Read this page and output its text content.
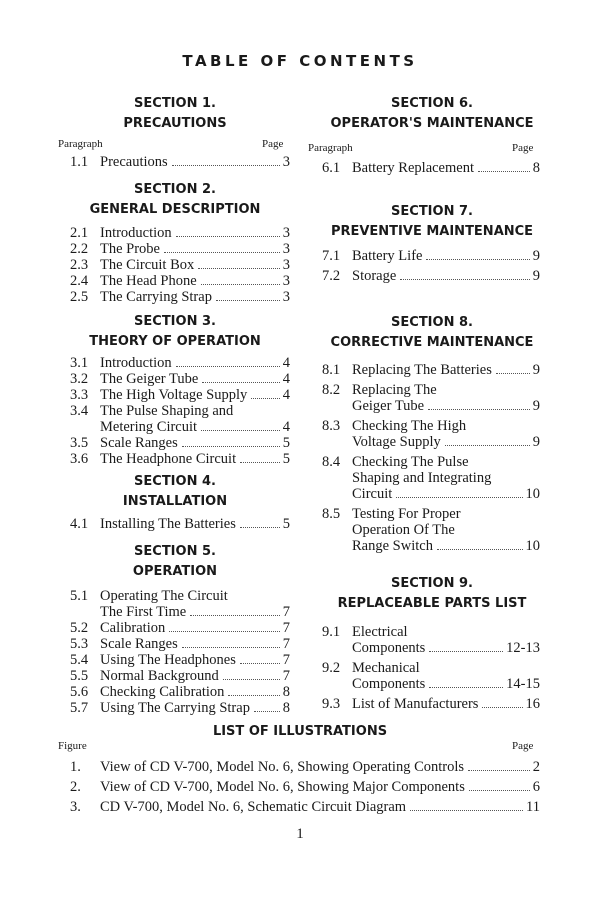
TABLE OF CONTENTS
SECTION 1.
PRECAUTIONS
1.1 Precautions	3
SECTION 2.
GENERAL DESCRIPTION
2.1 Introduction	3
2.2 The Probe	3
2.3 The Circuit Box	3
2.4 The Head Phone	3
2.5 The Carrying Strap	3
SECTION 3.
THEORY OF OPERATION
3.1 Introduction	4
3.2 The Geiger Tube	4
3.3 The High Voltage Supply 4
3.4 The Pulse Shaping and
Metering Circuit	4
3.5 Scale Ranges	5
3.6 The Headphone Circuit	5
SECTION 4.
INSTALLATION
4.1 Installing The Batteries	5
SECTION 5.
OPERATION
5.1 Operating The Circuit
The First Time	7
5.2 Calibration	7
5.3 Scale Ranges	7
5.4 Using The Headphones	7
5.5 Normal Background	7
5.6 Checking Calibration	8
5.7 Using The Carrying Strap 8
SECTION 6.
OPERATOR'S MAINTENANCE
6.1 Battery Replacement	8
SECTION 7.
PREVENTIVE MAINTENANCE
7.1 Battery Life	9
7.2 Storage	9
SECTION 8.
CORRECTIVE MAINTENANCE
8.1 Replacing The Batteries	9
8.2 Replacing The
Geiger Tube	9
8.3 Checking The High
Voltage Supply	9
8.4 Checking The Pulse
Shaping and Integrating
Circuit	10
8.5 Testing For Proper
Operation Of The
Range Switch	10
SECTION 9.
REPLACEABLE PARTS LIST
9.1 Electrical
Components	12-13
9.2 Mechanical
Components	14-15
9.3 List of Manufacturers	16
LIST OF ILLUSTRATIONS
1.	View of CD V-700, Model No. 6, Showing Operating Controls	2
2.	View of CD V-700, Model No. 6, Showing Major Components	6
3.	CD V-700, Model No. 6, Schematic Circuit Diagram	11
Paragraph	Page Paragraph	Page
Figure	Page
1
